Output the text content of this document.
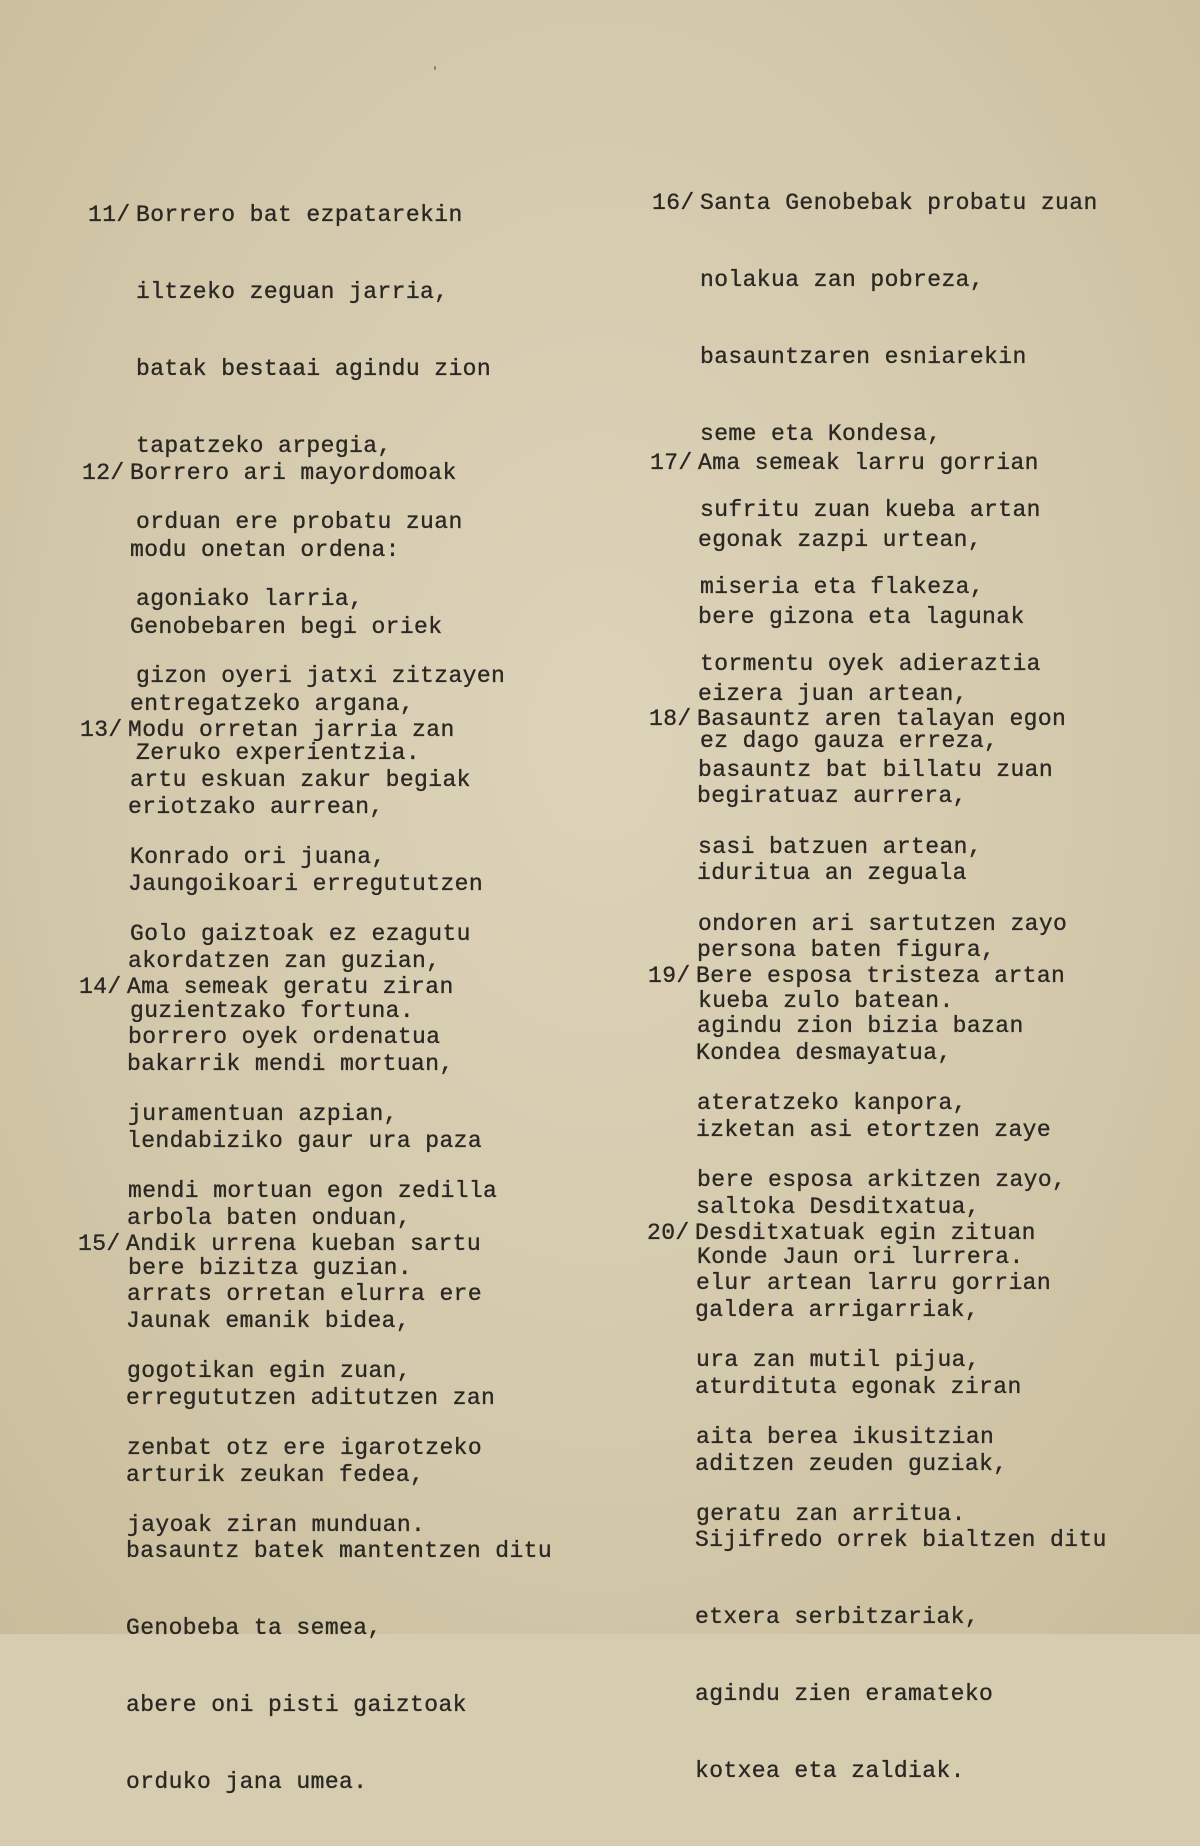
11/ Borrero bat ezpatarekin

iltzeko zeguan jarria,

batak bestaai agindu zion

tapatzeko arpegia,

orduan ere probatu zuan

agoniako larria,

gizon oyeri jatxi zitzayen

Zeruko experientzia.

12/ Borrero ari mayordomoak

modu onetan ordena:

Genobebaren begi oriek

entregatzeko argana,

artu eskuan zakur begiak

Konrado ori juana,

Golo gaiztoak ez ezagutu

guzientzako fortuna.

13/ Modu orretan jarria zan

eriotzako aurrean,

Jaungoikoari erregututzen

akordatzen zan guzian,

borrero oyek ordenatua

juramentuan azpian,

mendi mortuan egon zedilla

bere bizitza guzian.

14/ Ama semeak geratu ziran

bakarrik mendi mortuan,

lendabiziko gaur ura paza

arbola baten onduan,

arrats orretan elurra ere

gogotikan egin zuan,

zenbat otz ere igarotzeko

jayoak ziran munduan.

15/ Andik urrena kueban sartu

Jaunak emanik bidea,

erregututzen aditutzen zan

arturik zeukan fedea,

basauntz batek mantentzen ditu

Genobeba ta semea,

abere oni pisti gaiztoak

orduko jana umea.

16/ Santa Genobebak probatu zuan

nolakua zan pobreza,

basauntzaren esniarekin

seme eta Kondesa,

sufritu zuan kueba artan

miseria eta flakeza,

tormentu oyek adieraztia

ez dago gauza erreza,

17/ Ama semeak larru gorrian

egonak zazpi urtean,

bere gizona eta lagunak

eizera juan artean,

basauntz bat billatu zuan

sasi batzuen artean,

ondoren ari sartutzen zayo

kueba zulo batean.

18/ Basauntz aren talayan egon

begiratuaz aurrera,

iduritua an zeguala

persona baten figura,

agindu zion bizia bazan

ateratzeko kanpora,

bere esposa arkitzen zayo,

Konde Jaun ori lurrera.

19/ Bere esposa tristeza artan

Kondea desmayatua,

izketan asi etortzen zaye

saltoka Desditxatua,

elur artean larru gorrian

ura zan mutil pijua,

aita berea ikusitzian

geratu zan arritua.

20/ Desditxatuak egin zituan

galdera arrigarriak,

aturdituta egonak ziran

aditzen zeuden guziak,

Sijifredo orrek bialtzen ditu

etxera serbitzariak,

agindu zien eramateko

kotxea eta zaldiak.
